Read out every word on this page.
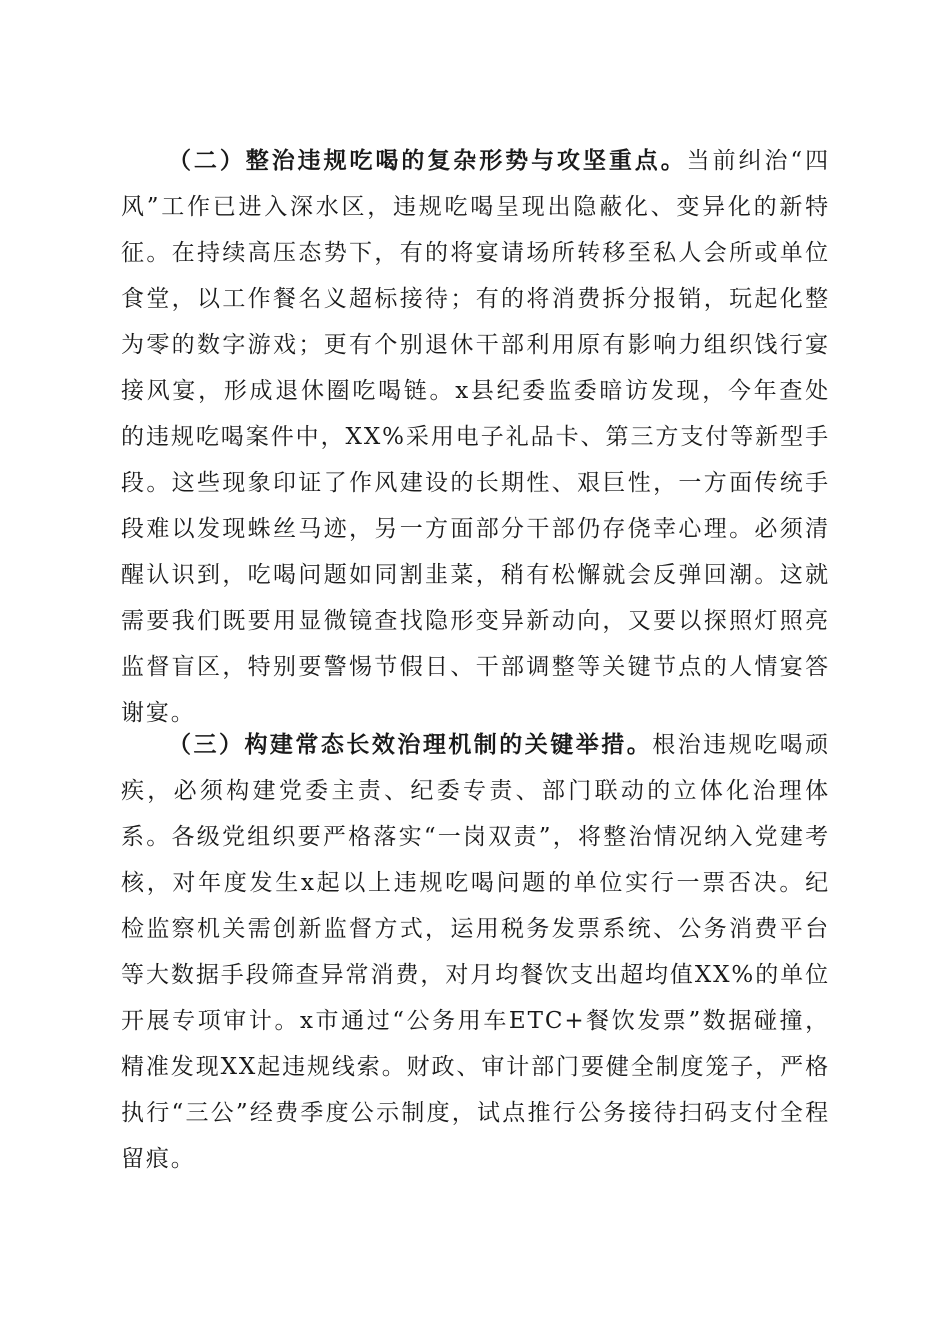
（二）整治违规吃喝的复杂形势与攻坚重点。当前纠治“四风”工作已进入深水区，违规吃喝呈现出隐蔽化、变异化的新特征。在持续高压态势下，有的将宴请场所转移至私人会所或单位食堂，以工作餐名义超标接待；有的将消费拆分报销，玩起化整为零的数字游戏；更有个别退休干部利用原有影响力组织饯行宴接风宴，形成退休圈吃喝链。x县纪委监委暗访发现，今年查处的违规吃喝案件中，XX%采用电子礼品卡、第三方支付等新型手段。这些现象印证了作风建设的长期性、艰巨性，一方面传统手段难以发现蛛丝马迹，另一方面部分干部仍存侥幸心理。必须清醒认识到，吃喝问题如同割韭菜，稍有松懈就会反弹回潮。这就需要我们既要用显微镜查找隐形变异新动向，又要以探照灯照亮监督盲区，特别要警惕节假日、干部调整等关键节点的人情宴答谢宴。

（三）构建常态长效治理机制的关键举措。根治违规吃喝顽疾，必须构建党委主责、纪委专责、部门联动的立体化治理体系。各级党组织要严格落实“一岗双责”，将整治情况纳入党建考核，对年度发生x起以上违规吃喝问题的单位实行一票否决。纪检监察机关需创新监督方式，运用税务发票系统、公务消费平台等大数据手段筛查异常消费，对月均餐饮支出超均值XX%的单位开展专项审计。x市通过“公务用车ETC+餐饮发票”数据碰撞，精准发现XX起违规线索。财政、审计部门要健全制度笼子，严格执行“三公”经费季度公示制度，试点推行公务接待扫码支付全程留痕。
